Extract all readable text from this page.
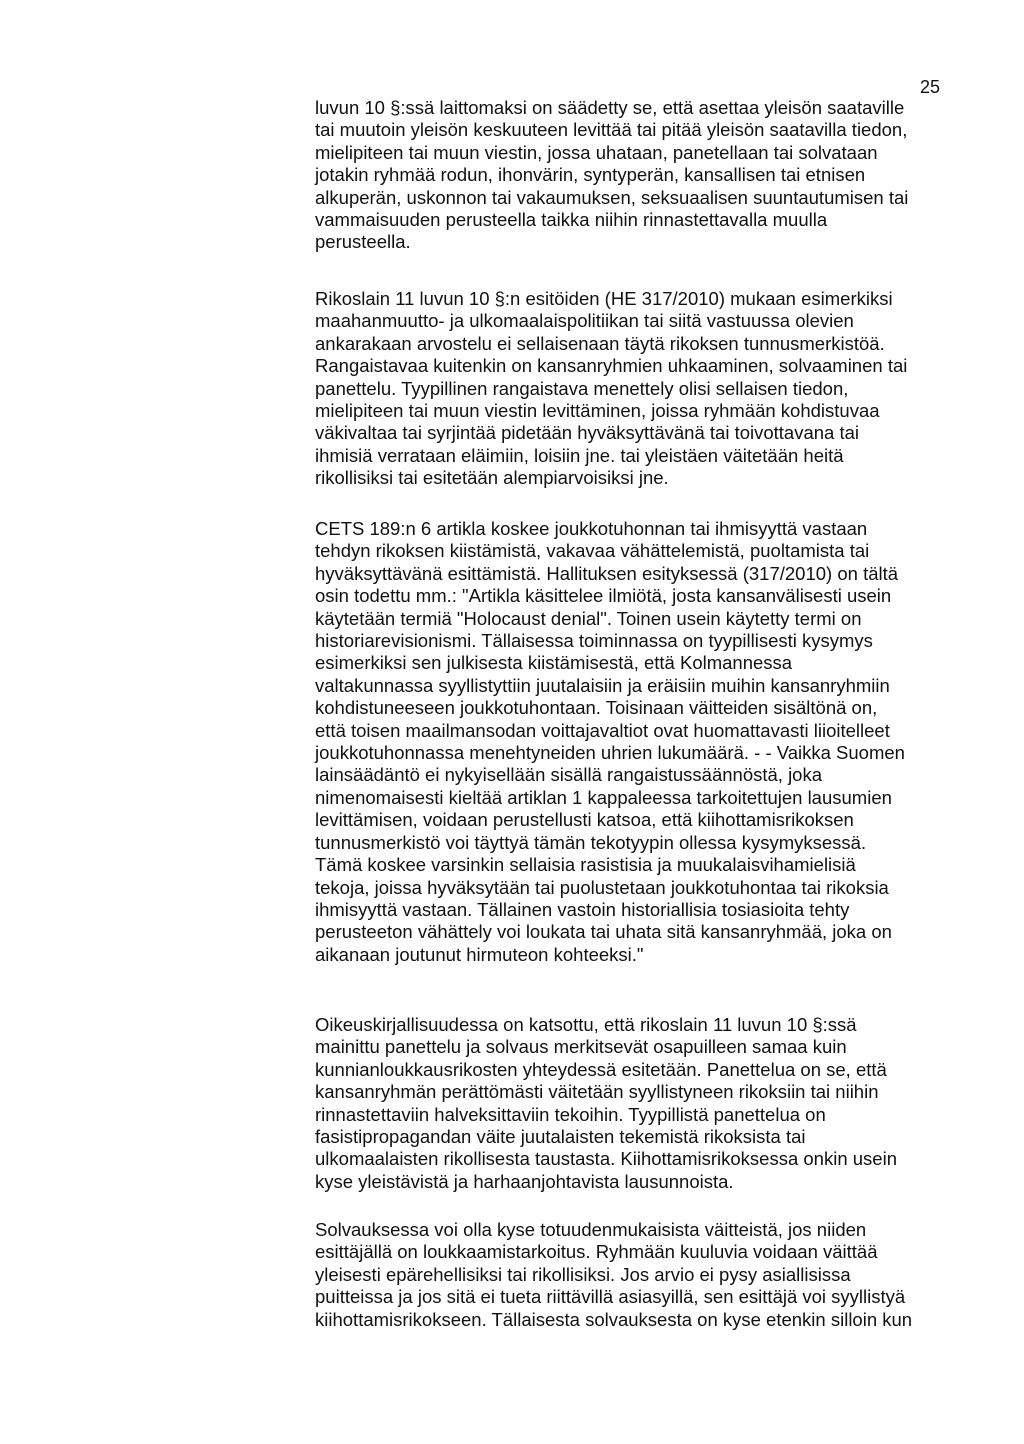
25
luvun 10 §:ssä laittomaksi on säädetty se, että asettaa yleisön saataville
tai muutoin yleisön keskuuteen levittää tai pitää yleisön saatavilla tiedon,
mielipiteen tai muun viestin, jossa uhataan, panetellaan tai solvataan
jotakin ryhmää rodun, ihonvärin, syntyperän, kansallisen tai etnisen
alkuperän, uskonnon tai vakaumuksen, seksuaalisen suuntautumisen tai
vammaisuuden perusteella taikka niihin rinnastettavalla muulla
perusteella.
Rikoslain 11 luvun 10 §:n esitöiden (HE 317/2010) mukaan esimerkiksi
maahanmuutto- ja ulkomaalaispolitiikan tai siitä vastuussa olevien
ankarakaan arvostelu ei sellaisenaan täytä rikoksen tunnusmerkistöä.
Rangaistavaa kuitenkin on kansanryhmien uhkaaminen, solvaaminen tai
panettelu. Tyypillinen rangaistava menettely olisi sellaisen tiedon,
mielipiteen tai muun viestin levittäminen, joissa ryhmään kohdistuvaa
väkivaltaa tai syrjintää pidetään hyväksyttävänä tai toivottavana tai
ihmisiä verrataan eläimiin, loisiin jne. tai yleistäen väitetään heitä
rikollisiksi tai esitetään alempiarvoisiksi jne.
CETS 189:n 6 artikla koskee joukkotuhonnan tai ihmisyyttä vastaan
tehdyn rikoksen kiistämistä, vakavaa vähättelemistä, puoltamista tai
hyväksyttävänä esittämistä. Hallituksen esityksessä (317/2010) on tältä
osin todettu mm.: "Artikla käsittelee ilmiötä, josta kansanvälisesti usein
käytetään termiä "Holocaust denial". Toinen usein käytetty termi on
historiarevisionismi. Tällaisessa toiminnassa on tyypillisesti kysymys
esimerkiksi sen julkisesta kiistämisestä, että Kolmannessa
valtakunnassa syyllistyttiin juutalaisiin ja eräisiin muihin kansanryhmiin
kohdistuneeseen joukkotuhontaan. Toisinaan väitteiden sisältönä on,
että toisen maailmansodan voittajavaltiot ovat huomattavasti liioitelleet
joukkotuhonnassa menehtyneiden uhrien lukumäärä. - - Vaikka Suomen
lainsäädäntö ei nykyisellään sisällä rangaistussäännöstä, joka
nimenomaisesti kieltää artiklan 1 kappaleessa tarkoitettujen lausumien
levittämisen, voidaan perustellusti katsoa, että kiihottamisrikoksen
tunnusmerkistö voi täyttyä tämän tekotyypin ollessa kysymyksessä.
Tämä koskee varsinkin sellaisia rasistisia ja muukalaisvihamielisiä
tekoja, joissa hyväksytään tai puolustetaan joukkotuhontaa tai rikoksia
ihmisyyttä vastaan. Tällainen vastoin historiallisia tosiasioita tehty
perusteeton vähättely voi loukata tai uhata sitä kansanryhmää, joka on
aikanaan joutunut hirmuteon kohteeksi."
Oikeuskirjallisuudessa on katsottu, että rikoslain 11 luvun 10 §:ssä
mainittu panettelu ja solvaus merkitsevät osapuilleen samaa kuin
kunnianloukkausrikosten yhteydessä esitetään. Panettelua on se, että
kansanryhmän perättömästi väitetään syyllistyneen rikoksiin tai niihin
rinnastettaviin halveksittaviin tekoihin. Tyypillistä panettelua on
fasistipropagandan väite juutalaisten tekemistä rikoksista tai
ulkomaalaisten rikollisesta taustasta. Kiihottamisrikoksessa onkin usein
kyse yleistävistä ja harhaanjohtavista lausunnoista.
Solvauksessa voi olla kyse totuudenmukaisista väitteistä, jos niiden
esittäjällä on loukkaamistarkoitus. Ryhmään kuuluvia voidaan väittää
yleisesti epärehellisiksi tai rikollisiksi. Jos arvio ei pysy asiallisissa
puitteissa ja jos sitä ei tueta riittävillä asiasyillä, sen esittäjä voi syyllistyä
kiihottamisrikokseen. Tällaisesta solvauksesta on kyse etenkin silloin kun
